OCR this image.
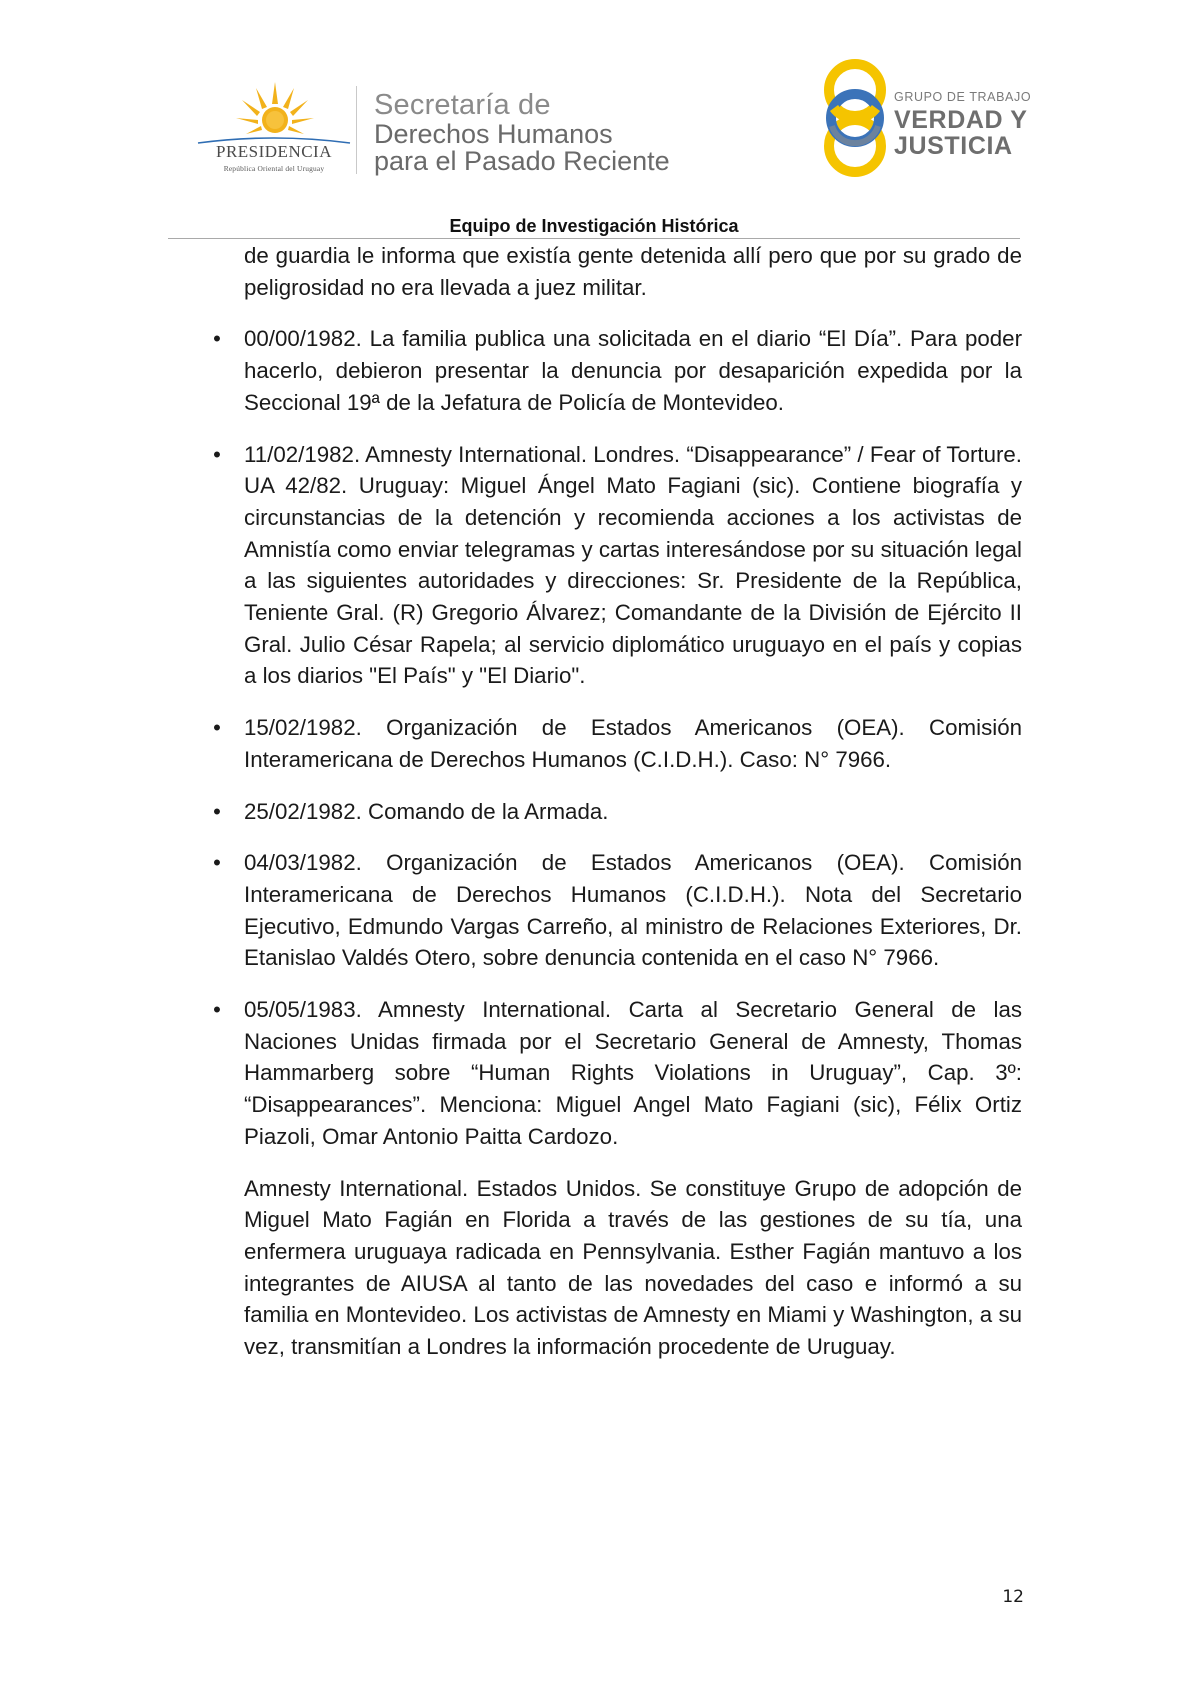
PRESIDENCIA
República Oriental del Uruguay
Secretaría de
Derechos Humanos
para el Pasado Reciente
GRUPO DE TRABAJO
VERDAD Y
JUSTICIA
Equipo de Investigación Histórica

de guardia le informa que existía gente detenida allí pero que por su grado de peligrosidad no era llevada a juez militar.

•
00/00/1982. La familia publica una solicitada en el diario “El Día”. Para poder hacerlo, debieron presentar la denuncia por desaparición expedida por la Seccional 19ª de la Jefatura de Policía de Montevideo.
•
11/02/1982. Amnesty International. Londres. “Disappearance” / Fear of Torture. UA 42/82. Uruguay: Miguel Ángel Mato Fagiani (sic). Contiene biografía y circunstancias de la detención y recomienda acciones a los activistas de Amnistía como enviar telegramas y cartas interesándose por su situación legal a las siguientes autoridades y direcciones: Sr. Presidente de la República, Teniente Gral. (R) Gregorio Álvarez; Comandante de la División de Ejército II Gral. Julio César Rapela; al servicio diplomático uruguayo en el país y copias a los diarios "El País" y "El Diario".
•
15/02/1982. Organización de Estados Americanos (OEA). Comisión Interamericana de Derechos Humanos (C.I.D.H.). Caso: N° 7966.
•
25/02/1982. Comando de la Armada.
•
04/03/1982. Organización de Estados Americanos (OEA). Comisión Interamericana de Derechos Humanos (C.I.D.H.). Nota del Secretario Ejecutivo, Edmundo Vargas Carreño, al ministro de Relaciones Exteriores, Dr. Etanislao Valdés Otero, sobre denuncia contenida en el caso N° 7966.
•
05/05/1983. Amnesty International. Carta al Secretario General de las Naciones Unidas firmada por el Secretario General de Amnesty, Thomas Hammarberg sobre “Human Rights Violations in Uruguay”, Cap. 3º: “Disappearances”. Menciona: Miguel Angel Mato Fagiani (sic), Félix Ortiz Piazoli, Omar Antonio Paitta Cardozo.

Amnesty International. Estados Unidos. Se constituye Grupo de adopción de Miguel Mato Fagián en Florida a través de las gestiones de su tía, una enfermera uruguaya radicada en Pennsylvania. Esther Fagián mantuvo a los integrantes de AIUSA al tanto de las novedades del caso e informó a su familia en Montevideo. Los activistas de Amnesty en Miami y Washington, a su vez, transmitían a Londres la información procedente de Uruguay.

12
